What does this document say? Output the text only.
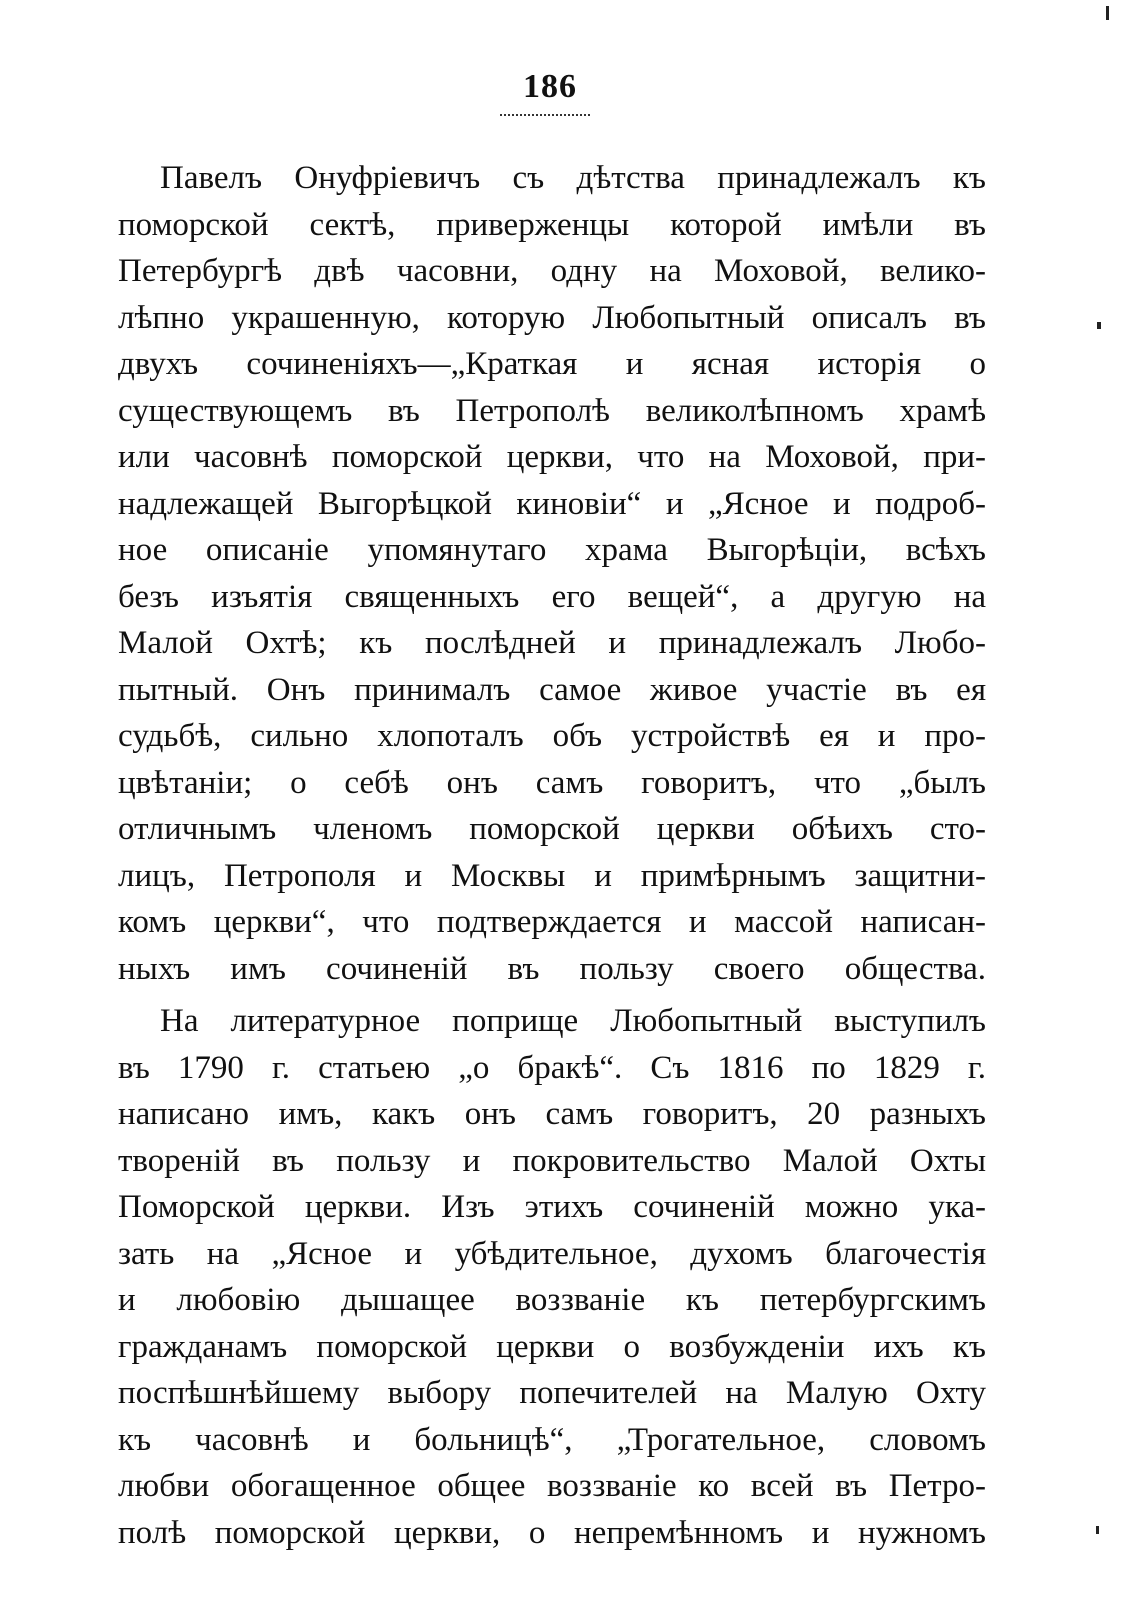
186
Павелъ Онуфріевичъ съ дѣтства принадлежалъ къ
поморской сектѣ, приверженцы которой имѣли въ
Петербургѣ двѣ часовни, одну на Моховой, велико-
лѣпно украшенную, которую Любопытный описалъ въ
двухъ сочиненіяхъ—„Краткая и ясная исторія о
существующемъ въ Петрополѣ великолѣпномъ храмѣ
или часовнѣ поморской церкви, что на Моховой, при-
надлежащей Выгорѣцкой киновіи“ и „Ясное и подроб-
ное описаніе упомянутаго храма Выгорѣціи, всѣхъ
безъ изъятія священныхъ его вещей“, а другую на
Малой Охтѣ; къ послѣдней и принадлежалъ Любо-
пытный. Онъ принималъ самое живое участіе въ ея
судьбѣ, сильно хлопоталъ объ устройствѣ ея и про-
цвѣтаніи; о себѣ онъ самъ говоритъ, что „былъ
отличнымъ членомъ поморской церкви обѣихъ сто-
лицъ, Петрополя и Москвы и примѣрнымъ защитни-
комъ церкви“, что подтверждается и массой написан-
ныхъ имъ сочиненій въ пользу своего общества.
На литературное поприще Любопытный выступилъ
въ 1790 г. статьею „о бракѣ“. Съ 1816 по 1829 г.
написано имъ, какъ онъ самъ говоритъ, 20 разныхъ
твореній въ пользу и покровительство Малой Охты
Поморской церкви. Изъ этихъ сочиненій можно ука-
зать на „Ясное и убѣдительное, духомъ благочестія
и любовію дышащее воззваніе къ петербургскимъ
гражданамъ поморской церкви о возбужденіи ихъ къ
поспѣшнѣйшему выбору попечителей на Малую Охту
къ часовнѣ и больницѣ“, „Трогательное, словомъ
любви обогащенное общее воззваніе ко всей въ Петро-
полѣ поморской церкви, о непремѣнномъ и нужномъ
